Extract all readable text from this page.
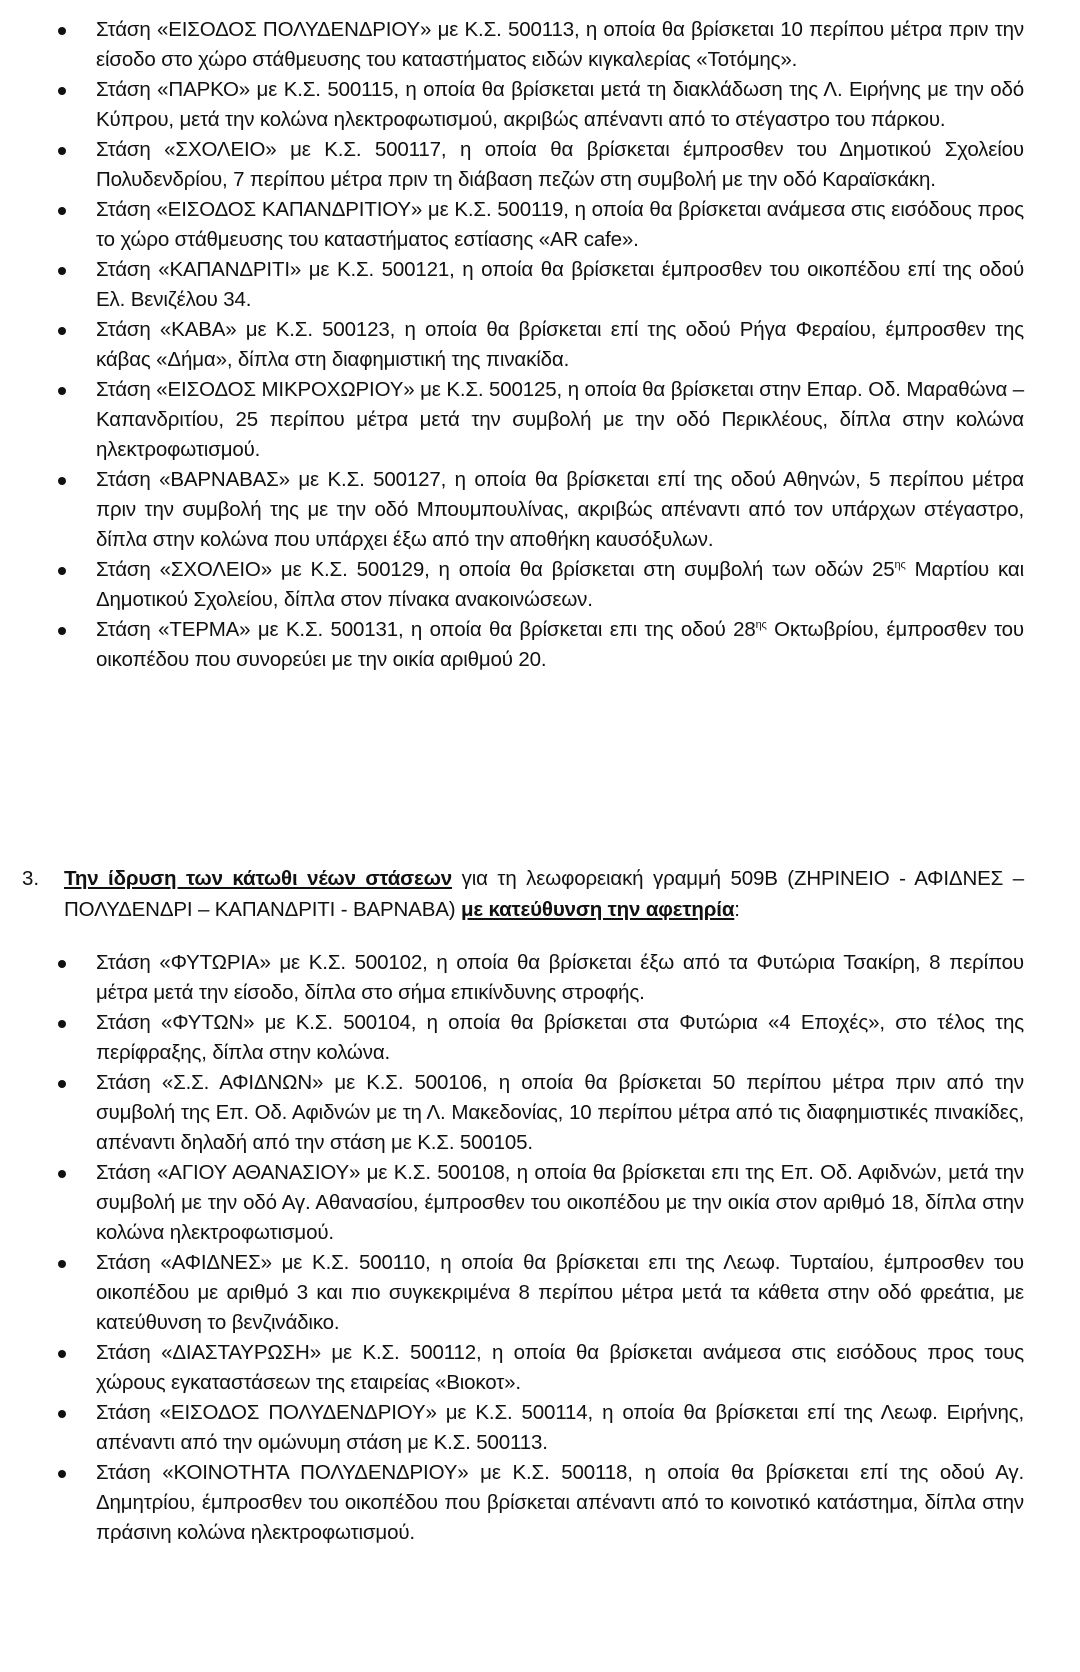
Στάση «ΕΙΣΟΔΟΣ ΠΟΛΥΔΕΝΔΡΙΟΥ» με Κ.Σ. 500113, η οποία θα βρίσκεται 10 περίπου μέτρα πριν την είσοδο στο χώρο στάθμευσης του καταστήματος ειδών κιγκαλερίας «Τοτόμης».
Στάση «ΠΑΡΚΟ» με Κ.Σ. 500115, η οποία θα βρίσκεται μετά τη διακλάδωση της Λ. Ειρήνης με την οδό Κύπρου, μετά την κολώνα ηλεκτροφωτισμού, ακριβώς απέναντι από το στέγαστρο του πάρκου.
Στάση «ΣΧΟΛΕΙΟ» με Κ.Σ. 500117, η οποία θα βρίσκεται έμπροσθεν του Δημοτικού Σχολείου Πολυδενδρίου, 7 περίπου μέτρα πριν τη διάβαση πεζών στη συμβολή με την οδό Καραϊσκάκη.
Στάση «ΕΙΣΟΔΟΣ ΚΑΠΑΝΔΡΙΤΙΟΥ» με Κ.Σ. 500119, η οποία θα βρίσκεται ανάμεσα στις εισόδους προς το χώρο στάθμευσης του καταστήματος εστίασης «AR cafe».
Στάση «ΚΑΠΑΝΔΡΙΤΙ» με Κ.Σ. 500121, η οποία θα βρίσκεται έμπροσθεν του οικοπέδου επί της οδού Ελ. Βενιζέλου 34.
Στάση «ΚΑΒΑ» με Κ.Σ. 500123, η οποία θα βρίσκεται επί της οδού Ρήγα Φεραίου, έμπροσθεν της κάβας «Δήμα», δίπλα στη διαφημιστική της πινακίδα.
Στάση «ΕΙΣΟΔΟΣ ΜΙΚΡΟΧΩΡΙΟΥ» με Κ.Σ. 500125, η οποία θα βρίσκεται στην Επαρ. Οδ. Μαραθώνα – Καπανδριτίου, 25 περίπου μέτρα μετά την συμβολή με την οδό Περικλέους, δίπλα στην κολώνα ηλεκτροφωτισμού.
Στάση «ΒΑΡΝΑΒΑΣ» με Κ.Σ. 500127, η οποία θα βρίσκεται επί της οδού Αθηνών, 5 περίπου μέτρα πριν την συμβολή της με την οδό Μπουμπουλίνας, ακριβώς απέναντι από τον υπάρχων στέγαστρο, δίπλα στην κολώνα που υπάρχει έξω από την αποθήκη καυσόξυλων.
Στάση «ΣΧΟΛΕΙΟ» με Κ.Σ. 500129, η οποία θα βρίσκεται στη συμβολή των οδών $25^{\eta\varsigma}$ Μαρτίου και Δημοτικού Σχολείου, δίπλα στον πίνακα ανακοινώσεων.
Στάση «ΤΕΡΜΑ» με Κ.Σ. 500131, η οποία θα βρίσκεται επι της οδού $28^{\eta\varsigma}$ Οκτωβρίου, έμπροσθεν του οικοπέδου που συνορεύει με την οικία αριθμού 20.
3.	Την ίδρυση των κάτωθι νέων στάσεων για τη λεωφορειακή γραμμή 509Β (ΖΗΡΙΝΕΙΟ - ΑΦΙΔΝΕΣ – ΠΟΛΥΔΕΝΔΡΙ – ΚΑΠΑΝΔΡΙΤΙ - ΒΑΡΝΑΒΑ) με κατεύθυνση την αφετηρία:
Στάση «ΦΥΤΩΡΙΑ» με Κ.Σ. 500102, η οποία θα βρίσκεται έξω από τα Φυτώρια Τσακίρη, 8 περίπου μέτρα μετά την είσοδο, δίπλα στο σήμα επικίνδυνης στροφής.
Στάση «ΦΥΤΩΝ» με Κ.Σ. 500104, η οποία θα βρίσκεται στα Φυτώρια «4 Εποχές», στο τέλος της περίφραξης, δίπλα στην κολώνα.
Στάση «Σ.Σ. ΑΦΙΔΝΩΝ» με Κ.Σ. 500106, η οποία θα βρίσκεται 50 περίπου μέτρα πριν από την συμβολή της Επ. Οδ. Αφιδνών με τη Λ. Μακεδονίας, 10 περίπου μέτρα από τις διαφημιστικές πινακίδες, απέναντι δηλαδή από την στάση με Κ.Σ. 500105.
Στάση «ΑΓΙΟΥ ΑΘΑΝΑΣΙΟΥ» με Κ.Σ. 500108, η οποία θα βρίσκεται επι της Επ. Οδ. Αφιδνών, μετά την συμβολή με την οδό Αγ. Αθανασίου, έμπροσθεν του οικοπέδου με την οικία στον αριθμό 18, δίπλα στην κολώνα ηλεκτροφωτισμού.
Στάση «ΑΦΙΔΝΕΣ» με Κ.Σ. 500110, η οποία θα βρίσκεται επι της Λεωφ. Τυρταίου, έμπροσθεν του οικοπέδου με αριθμό 3 και πιο συγκεκριμένα 8 περίπου μέτρα μετά τα κάθετα στην οδό φρεάτια, με κατεύθυνση το βενζινάδικο.
Στάση «ΔΙΑΣΤΑΥΡΩΣΗ» με Κ.Σ. 500112, η οποία θα βρίσκεται ανάμεσα στις εισόδους προς τους χώρους εγκαταστάσεων της εταιρείας «Βιοκοτ».
Στάση «ΕΙΣΟΔΟΣ ΠΟΛΥΔΕΝΔΡΙΟΥ» με Κ.Σ. 500114, η οποία θα βρίσκεται επί της Λεωφ. Ειρήνης, απέναντι από την ομώνυμη στάση με Κ.Σ. 500113.
Στάση «ΚΟΙΝΟΤΗΤΑ ΠΟΛΥΔΕΝΔΡΙΟΥ» με Κ.Σ. 500118, η οποία θα βρίσκεται επί της οδού Αγ. Δημητρίου, έμπροσθεν του οικοπέδου που βρίσκεται απέναντι από το κοινοτικό κατάστημα, δίπλα στην πράσινη κολώνα ηλεκτροφωτισμού.
